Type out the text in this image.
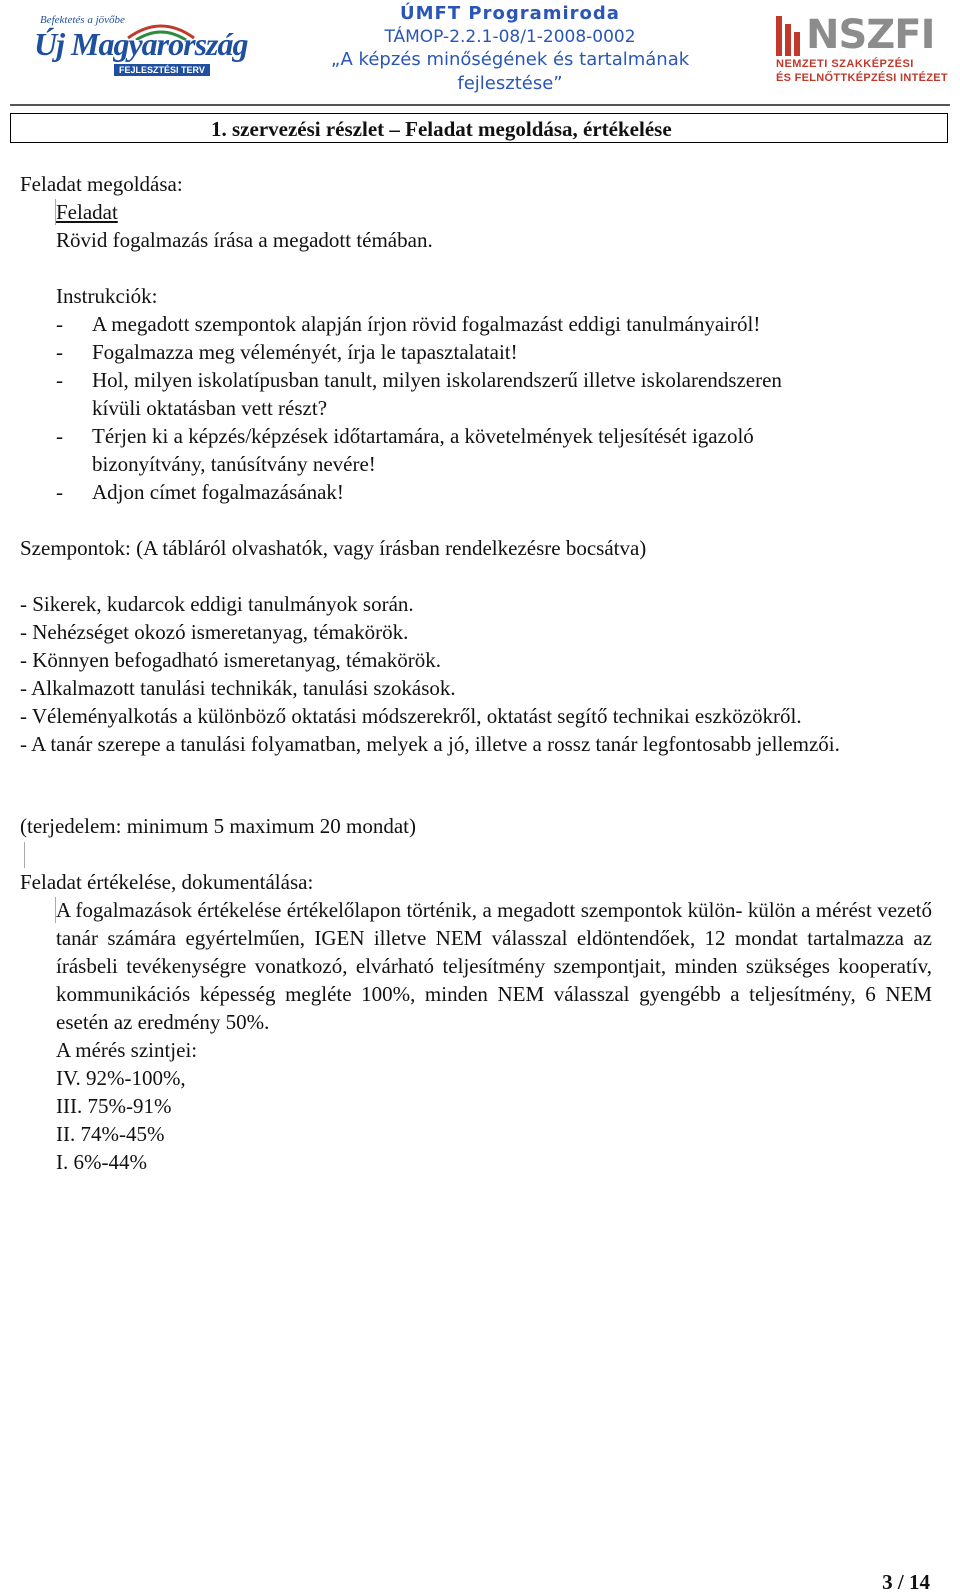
Befektetés a jövőbe
Új Magyarország
FEJLESZTÉSI TERV
ÚMFT Programiroda
TÁMOP-2.2.1-08/1-2008-0002
„A képzés minőségének és tartalmának
fejlesztése”
NSZFI
NEMZETI SZAKKÉPZÉSI
ÉS FELNŐTTKÉPZÉSI INTÉZET
1. szervezési részlet – Feladat megoldása, értékelése
Feladat megoldása:
Feladat
Rövid fogalmazás írása a megadott témában.
Instrukciók:
- A megadott szempontok alapján írjon rövid fogalmazást eddigi tanulmányairól!
- Fogalmazza meg véleményét, írja le tapasztalatait!
- Hol, milyen iskolatípusban tanult, milyen iskolarendszerű illetve iskolarendszeren
kívüli oktatásban vett részt?
- Térjen ki a képzés/képzések időtartamára, a követelmények teljesítését igazoló
bizonyítvány, tanúsítvány nevére!
- Adjon címet fogalmazásának!
Szempontok: (A tábláról olvashatók, vagy írásban rendelkezésre bocsátva)
- Sikerek, kudarcok eddigi tanulmányok során.
- Nehézséget okozó ismeretanyag, témakörök.
- Könnyen befogadható ismeretanyag, témakörök.
- Alkalmazott tanulási technikák, tanulási szokások.
- Véleményalkotás a különböző oktatási módszerekről, oktatást segítő technikai eszközökről.
- A tanár szerepe a tanulási folyamatban, melyek a jó, illetve a rossz tanár legfontosabb jellemzői.
(terjedelem: minimum 5 maximum 20 mondat)
Feladat értékelése, dokumentálása:
A fogalmazások értékelése értékelőlapon történik, a megadott szempontok külön- külön a mérést vezető tanár számára egyértelműen, IGEN illetve NEM válasszal eldöntendőek, 12 mondat tartalmazza az írásbeli tevékenységre vonatkozó, elvárható teljesítmény szempontjait, minden szükséges kooperatív, kommunikációs képesség megléte 100%, minden NEM válasszal gyengébb a teljesítmény, 6 NEM esetén az eredmény 50%.
A mérés szintjei:
IV. 92%-100%,
III. 75%-91%
II. 74%-45%
I. 6%-44%
3 / 14
